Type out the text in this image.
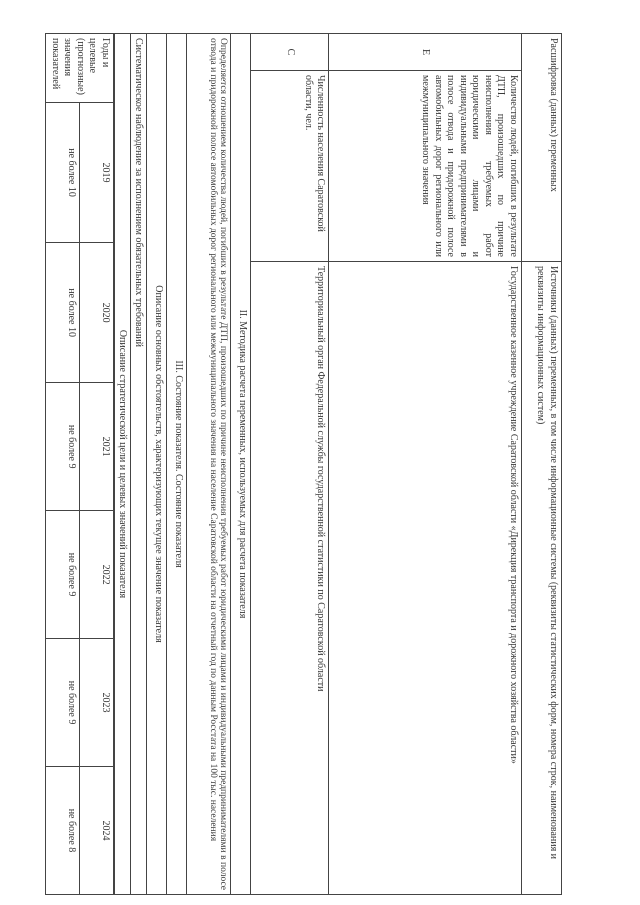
Расшифровка (данных) переменных		Источники (данных) переменных, в том числе информационные системы (реквизиты статистических форм, номера строк, наименования и реквизиты информационных систем)
E	Количество людей, погибших в результате ДТП, произошедших по причине неисполнения требуемых работ юридическими лицами и индивидуальными предпринимателями в полосе отвода и придорожной полосе автомобильных дорог регионального или межмуниципального значения	Государственное казенное учреждение Саратовской области «Дирекция транспорта и дорожного хозяйства области»
C	Численность населения Саратовской области, чел.	Территориальный орган Федеральной службы государственной статистики по Саратовской области
II. Методика расчета переменных, используемых для расчета показателя
Определяется отношением количества людей, погибших в результате ДТП, произошедших по причине неисполнения требуемых работ юридическими лицами и индивидуальными предпринимателями в полосе отвода и придорожной полосе автомобильных дорог регионального или межмуниципального значения на население Саратовской области на отчетный год по данным Росстата на 100 тыс. населения
III. Состояние показателя. Состояние показателя
Описание основных обстоятельств, характеризующих текущее значение показателя
Систематическое наблюдение за исполнением обязательных требований
Описание стратегической цели и целевых значений показателя
Годы и целевые (прогнозные) значения показателей	2019	2020	2021	2022	2023	2024
	не более 10	не более 10	не более 9	не более 9	не более 9	не более 8
